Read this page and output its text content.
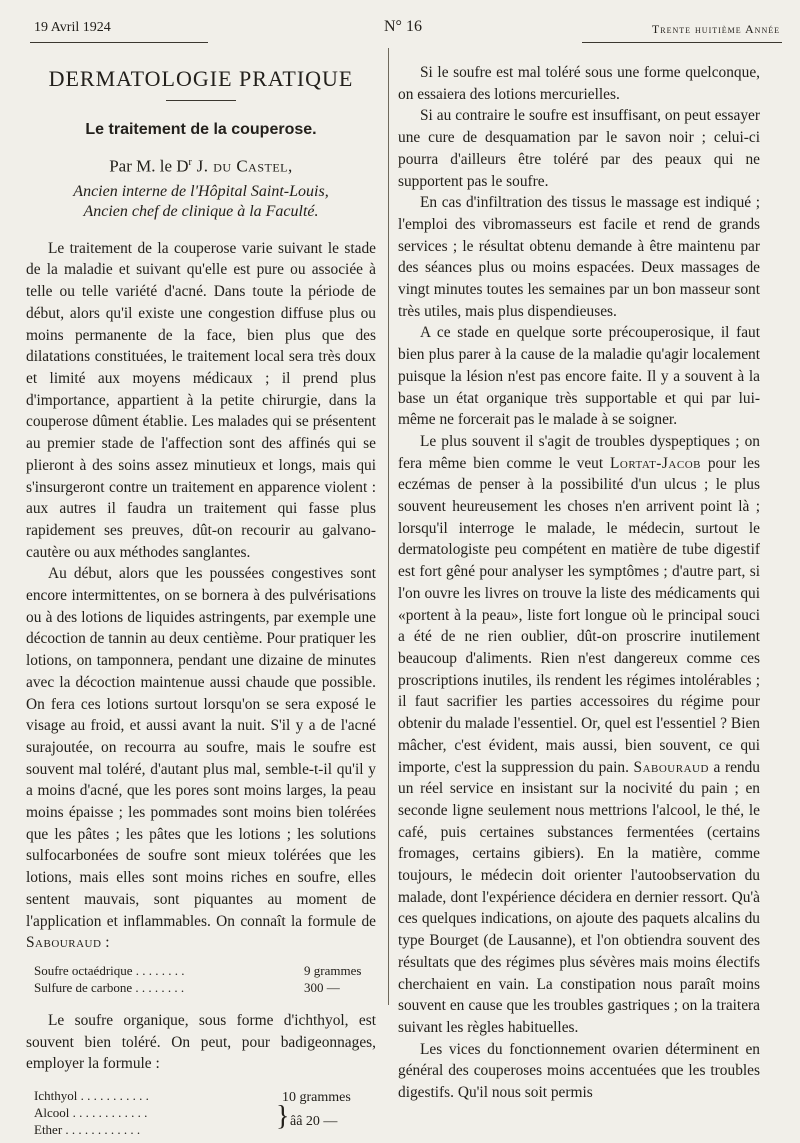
19 Avril 1924	N° 16	Trente huitième Année
DERMATOLOGIE PRATIQUE
Le traitement de la couperose.
Par M. le $D^r$ J. du Castel,
Ancien interne de l'Hôpital Saint-Louis,
Ancien chef de clinique à la Faculté.

Le traitement de la couperose varie suivant le stade de la maladie et suivant qu'elle est pure ou associée à telle ou telle variété d'acné. Dans toute la période de début, alors qu'il existe une congestion diffuse plus ou moins permanente de la face, bien plus que des dilatations constituées, le traitement local sera très doux et limité aux moyens médicaux ; il prend plus d'importance, appartient à la petite chirurgie, dans la couperose dûment établie. Les malades qui se présentent au premier stade de l'affection sont des affinés qui se plieront à des soins assez minutieux et longs, mais qui s'insurgeront contre un traitement en apparence violent : aux autres il faudra un traitement qui fasse plus rapidement ses preuves, dût-on recourir au galvano-cautère ou aux méthodes sanglantes.

Au début, alors que les poussées congestives sont encore intermittentes, on se bornera à des pulvérisations ou à des lotions de liquides astringents, par exemple une décoction de tannin au deux centième. Pour pratiquer les lotions, on tamponnera, pendant une dizaine de minutes avec la décoction maintenue aussi chaude que possible. On fera ces lotions surtout lorsqu'on se sera exposé le visage au froid, et aussi avant la nuit. S'il y a de l'acné surajoutée, on recourra au soufre, mais le soufre est souvent mal toléré, d'autant plus mal, semble-t-il qu'il y a moins d'acné, que les pores sont moins larges, la peau moins épaisse ; les pommades sont moins bien tolérées que les pâtes ; les pâtes que les lotions ; les solutions sulfocarbonées de soufre sont mieux tolérées que les lotions, mais elles sont moins riches en soufre, elles sentent mauvais, sont piquantes au moment de l'application et inflammables. On connaît la formule de Sabouraud :

Soufre octaédrique . . . . . . . .	9 grammes
Sulfure de carbone . . . . . . . .	300 —

Le soufre organique, sous forme d'ichthyol, est souvent bien toléré. On peut, pour badigeonnages, employer la formule :

Ichthyol . . . . . . . . . . .	10 grammes
Alcool . . . . . . . . . . . .
Ether . . . . . . . . . . . .	} ââ 20 —

Si le soufre est mal toléré sous une forme quelconque, on essaiera des lotions mercurielles.

Si au contraire le soufre est insuffisant, on peut essayer une cure de desquamation par le savon noir ; celui-ci pourra d'ailleurs être toléré par des peaux qui ne supportent pas le soufre.

En cas d'infiltration des tissus le massage est indiqué ; l'emploi des vibromasseurs est facile et rend de grands services ; le résultat obtenu demande à être maintenu par des séances plus ou moins espacées. Deux massages de vingt minutes toutes les semaines par un bon masseur sont très utiles, mais plus dispendieuses.

A ce stade en quelque sorte précouperosique, il faut bien plus parer à la cause de la maladie qu'agir localement puisque la lésion n'est pas encore faite. Il y a souvent à la base un état organique très supportable et qui par lui-même ne forcerait pas le malade à se soigner.

Le plus souvent il s'agit de troubles dyspeptiques ; on fera même bien comme le veut Lortat-Jacob pour les eczémas de penser à la possibilité d'un ulcus ; le plus souvent heureusement les choses n'en arrivent point là ; lorsqu'il interroge le malade, le médecin, surtout le dermatologiste peu compétent en matière de tube digestif est fort gêné pour analyser les symptômes ; d'autre part, si l'on ouvre les livres on trouve la liste des médicaments qui «portent à la peau», liste fort longue où le principal souci a été de ne rien oublier, dût-on proscrire inutilement beaucoup d'aliments. Rien n'est dangereux comme ces proscriptions inutiles, ils rendent les régimes intolérables ; il faut sacrifier les parties accessoires du régime pour obtenir du malade l'essentiel. Or, quel est l'essentiel ? Bien mâcher, c'est évident, mais aussi, bien souvent, ce qui importe, c'est la suppression du pain. Sabouraud a rendu un réel service en insistant sur la nocivité du pain ; en seconde ligne seulement nous mettrions l'alcool, le thé, le café, puis certaines substances fermentées (certains fromages, certains gibiers). En la matière, comme toujours, le médecin doit orienter l'autoobservation du malade, dont l'expérience décidera en dernier ressort. Qu'à ces quelques indications, on ajoute des paquets alcalins du type Bourget (de Lausanne), et l'on obtiendra souvent des résultats que des régimes plus sévères mais moins électifs cherchaient en vain. La constipation nous paraît moins souvent en cause que les troubles gastriques ; on la traitera suivant les règles habituelles.

Les vices du fonctionnement ovarien déterminent en général des couperoses moins accentuées que les troubles digestifs. Qu'il nous soit permis
